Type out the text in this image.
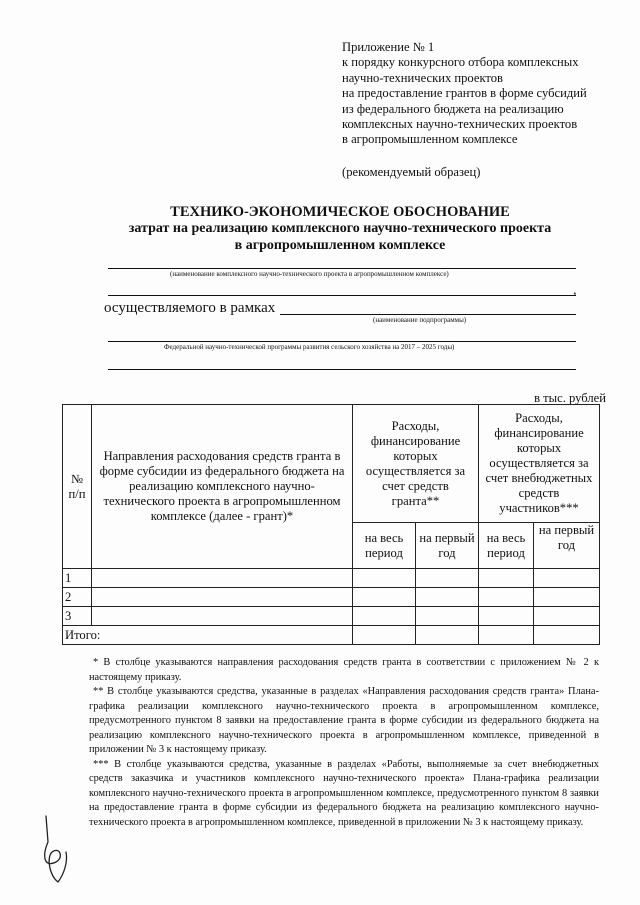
Приложение № 1
к порядку конкурсного отбора комплексных
научно-технических проектов
на предоставление грантов в форме субсидий
из федерального бюджета на реализацию
комплексных научно-технических проектов
в агропромышленном комплексе
(рекомендуемый образец)
ТЕХНИКО-ЭКОНОМИЧЕСКОЕ ОБОСНОВАНИЕ
затрат на реализацию комплексного научно-технического проекта
в агропромышленном комплексе
(наименование комплексного научно-технического проекта в агропромышленном комплексе)
,
осуществляемого в рамках
(наименование подпрограммы)
Федеральной научно-технической программы развития сельского хозяйства на 2017 – 2025 годы)
в тыс. рублей
№ п/п	Направления расходования средств гранта в форме субсидии из федерального бюджета на реализацию комплексного научно-технического проекта в агропромышленном комплексе (далее - грант)*	Расходы, финансирование которых осуществляется за счет средств гранта**		Расходы, финансирование которых осуществляется за счет внебюджетных средств участников***	
		на весь период	на первый год	на весь период	на первый год
1					
2					
3					
Итого:					

* В столбце указываются направления расходования средств гранта в соответствии с приложением № 2 к настоящему приказу.

** В столбце указываются средства, указанные в разделах «Направления расходования средств гранта» Плана-графика реализации комплексного научно-технического проекта в агропромышленном комплексе, предусмотренного пунктом 8 заявки на предоставление гранта в форме субсидии из федерального бюджета на реализацию комплексного научно-технического проекта в агропромышленном комплексе, приведенной в приложении № 3 к настоящему приказу.

*** В столбце указываются средства, указанные в разделах «Работы, выполняемые за счет внебюджетных средств заказчика и участников комплексного научно-технического проекта» Плана-графика реализации комплексного научно-технического проекта в агропромышленном комплексе, предусмотренного пунктом 8 заявки на предоставление гранта в форме субсидии из федерального бюджета на реализацию комплексного научно-технического проекта в агропромышленном комплексе, приведенной в приложении № 3 к настоящему приказу.
